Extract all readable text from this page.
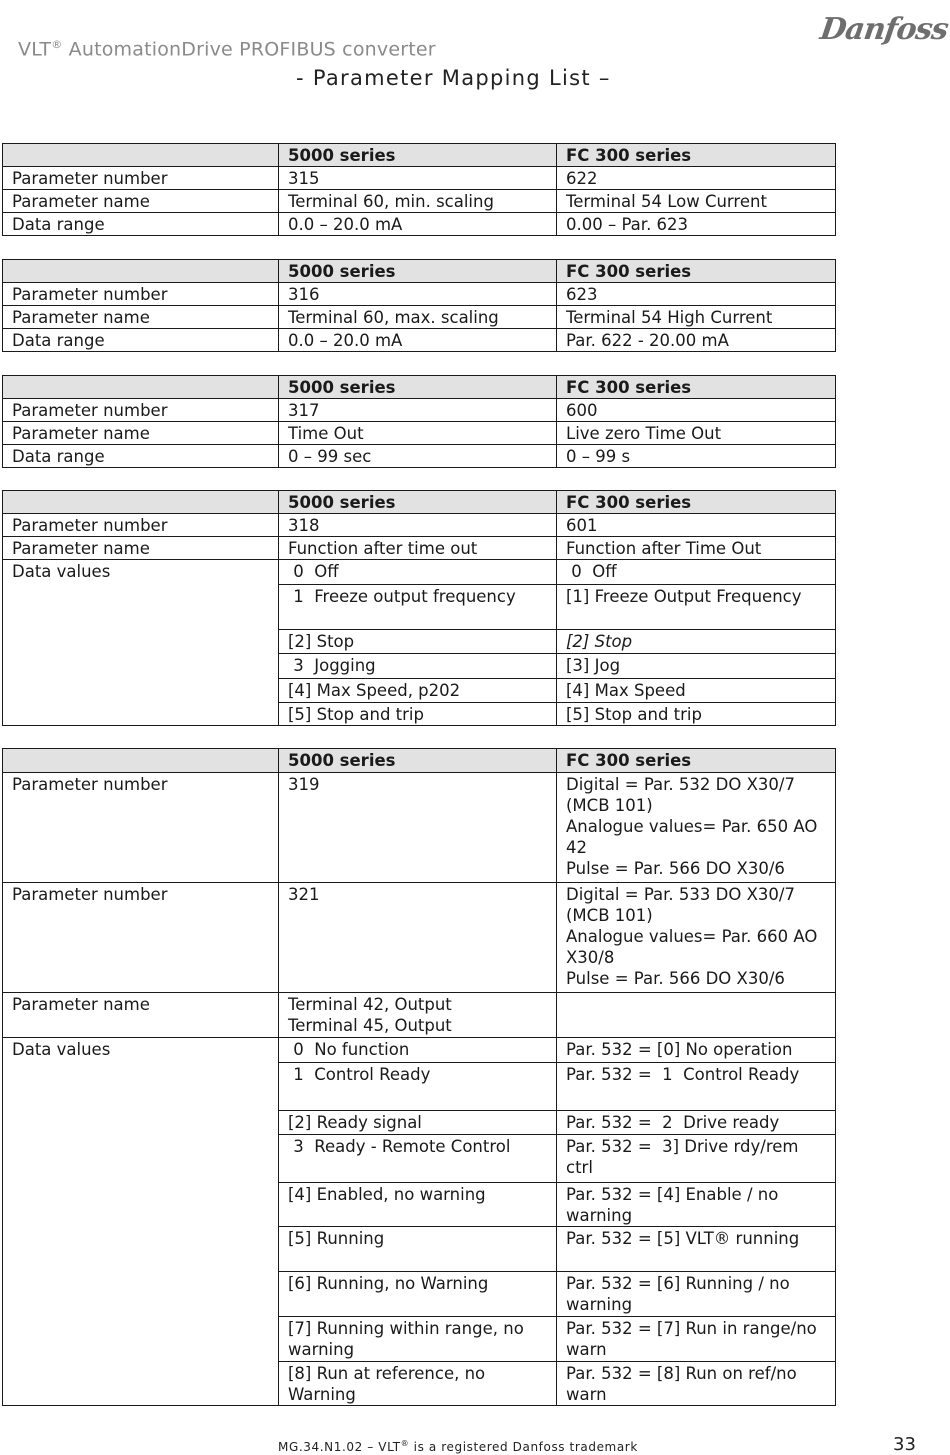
VLT® AutomationDrive PROFIBUS converter
Danfoss
- Parameter Mapping List –
	5000 series	FC 300 series
Parameter number	315	622
Parameter name	Terminal 60, min. scaling	Terminal 54 Low Current
Data range	0.0 – 20.0 mA	0.00 – Par. 623
	5000 series	FC 300 series
Parameter number	316	623
Parameter name	Terminal 60, max. scaling	Terminal 54 High Current
Data range	0.0 – 20.0 mA	Par. 622 - 20.00 mA
	5000 series	FC 300 series
Parameter number	317	600
Parameter name	Time Out	Live zero Time Out
Data range	0 – 99 sec	0 – 99 s
	5000 series	FC 300 series
Parameter number	318	601
Parameter name	Function after time out	Function after Time Out
Data values	0  Off	0  Off
	1  Freeze output frequency	[1] Freeze Output Frequency
	[2] Stop	[2] Stop
	3  Jogging	[3] Jog
	[4] Max Speed, p202	[4] Max Speed
	[5] Stop and trip	[5] Stop and trip
	5000 series	FC 300 series
Parameter number	319	Digital = Par. 532 DO X30/7 (MCB 101)
Analogue values= Par. 650 AO 42
Pulse = Par. 566 DO X30/6

Parameter number	321	Digital = Par. 533 DO X30/7 (MCB 101)
Analogue values= Par. 660 AO X30/8
Pulse = Par. 566 DO X30/6

Parameter name	Terminal 42, Output
Terminal 45, Output	

Data values	0  No function	Par. 532 = [0] No operation
	1  Control Ready	Par. 532 =  1  Control Ready
	[2] Ready signal	Par. 532 =  2  Drive ready
	3  Ready - Remote Control	Par. 532 =  3] Drive rdy/rem ctrl
	[4] Enabled, no warning	Par. 532 = [4] Enable / no warning
	[5] Running	Par. 532 = [5] VLT® running
	[6] Running, no Warning	Par. 532 = [6] Running / no warning
	[7] Running within range, no warning	Par. 532 = [7] Run in range/no warn
	[8] Run at reference, no Warning	Par. 532 = [8] Run on ref/no warn
MG.34.N1.02 – VLT® is a registered Danfoss trademark	33
